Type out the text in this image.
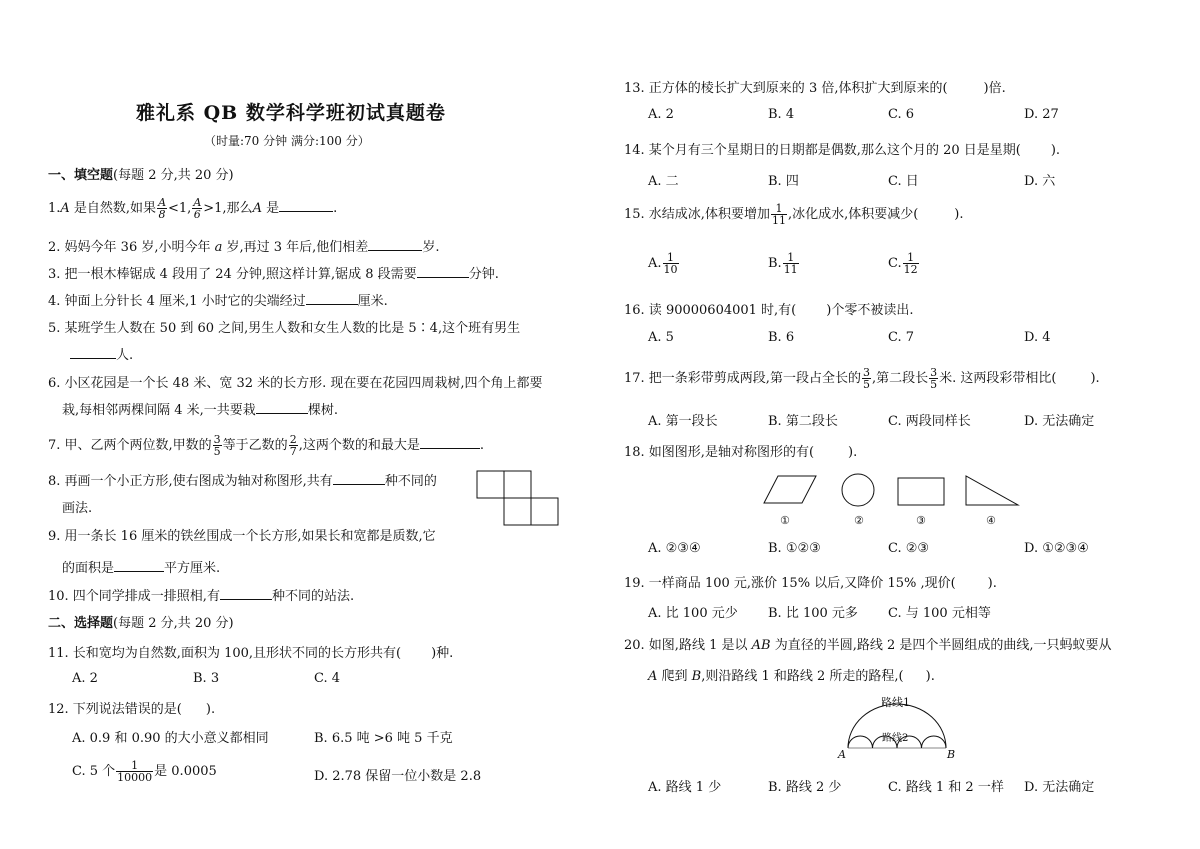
雅礼系 QB 数学科学班初试真题卷
（时量:70 分钟 满分:100 分）
一、填空题(每题 2 分,共 20 分)
1.A 是自然数,如果 $\frac{A}{8} <1$, $\frac{A}{6} >1$,那么A 是	.
2. 妈妈今年 36 岁,小明今年 a 岁,再过 3 年后,他们相差	岁.
3. 把一根木棒锯成 4 段用了 24 分钟,照这样计算,锯成 8 段需要	分钟.
4. 钟面上分针长 4 厘米,1 小时它的尖端经过	厘米.
5. 某班学生人数在 50 到 60 之间,男生人数和女生人数的比是 5∶4,这个班有男生
人.
6. 小区花园是一个长 48 米、宽 32 米的长方形. 现在要在花园四周栽树,四个角上都要
栽,每相邻两棵间隔 4 米,一共要栽	棵树.
7. 甲、乙两个两位数,甲数的 $\frac{3}{5}$ 等于乙数的 $\frac{2}{7}$ ,这两个数的和最大是	.
8. 再画一个小正方形,使右图成为轴对称图形,共有	种不同的
画法.
9. 用一条长 16 厘米的铁丝围成一个长方形,如果长和宽都是质数,它
的面积是	平方厘米.
10. 四个同学排成一排照相,有	种不同的站法.
二、选择题(每题 2 分,共 20 分)
11. 长和宽均为自然数,面积为 100,且形状不同的长方形共有( )种.
A. 2	B. 3	C. 4
12. 下列说法错误的是( ).
A. 0.9 和 0.90 的大小意义都相同	B. 6.5 吨 >6 吨 5 千克
C. 5 个 $\frac{1}{10000}$ 是 0.0005	D. 2.78 保留一位小数是 2.8
13. 正方体的棱长扩大到原来的 3 倍,体积扩大到原来的(	)倍.
A. 2	B. 4	C. 6	D. 27
14. 某个月有三个星期日的日期都是偶数,那么这个月的 20 日是星期( ).
A. 二	B. 四	C. 日	D. 六
15. 水结成冰,体积要增加 $\frac{1}{11}$ ,冰化成水,体积要减少(	).
A. $\frac{1}{10}$	B. $\frac{1}{11}$	C. $\frac{1}{12}$
16. 读 90000604001 时,有( )个零不被读出.
A. 5	B. 6	C. 7	D. 4
17. 把一条彩带剪成两段,第一段占全长的 $\frac{3}{5}$ ,第二段长 $\frac{3}{5}$ 米. 这两段彩带相比(	).
A. 第一段长	B. 第二段长	C. 两段同样长	D. 无法确定
18. 如图图形,是轴对称图形的有(	).
①	②	③	④
A. ②③④	B. ①②③	C. ②③	D. ①②③④
19. 一样商品 100 元,涨价 15% 以后,又降价 15% ,现价( ).
A. 比 100 元少 B. 比 100 元多 C. 与 100 元相等
20. 如图,路线 1 是以 AB 为直径的半圆,路线 2 是四个半圆组成的曲线,一只蚂蚁要从
A 爬到 B,则沿路线 1 和路线 2 所走的路程,( ).
路线1
路线2
A	B
A. 路线 1 少	B. 路线 2 少	C. 路线 1 和 2 一样 D. 无法确定
